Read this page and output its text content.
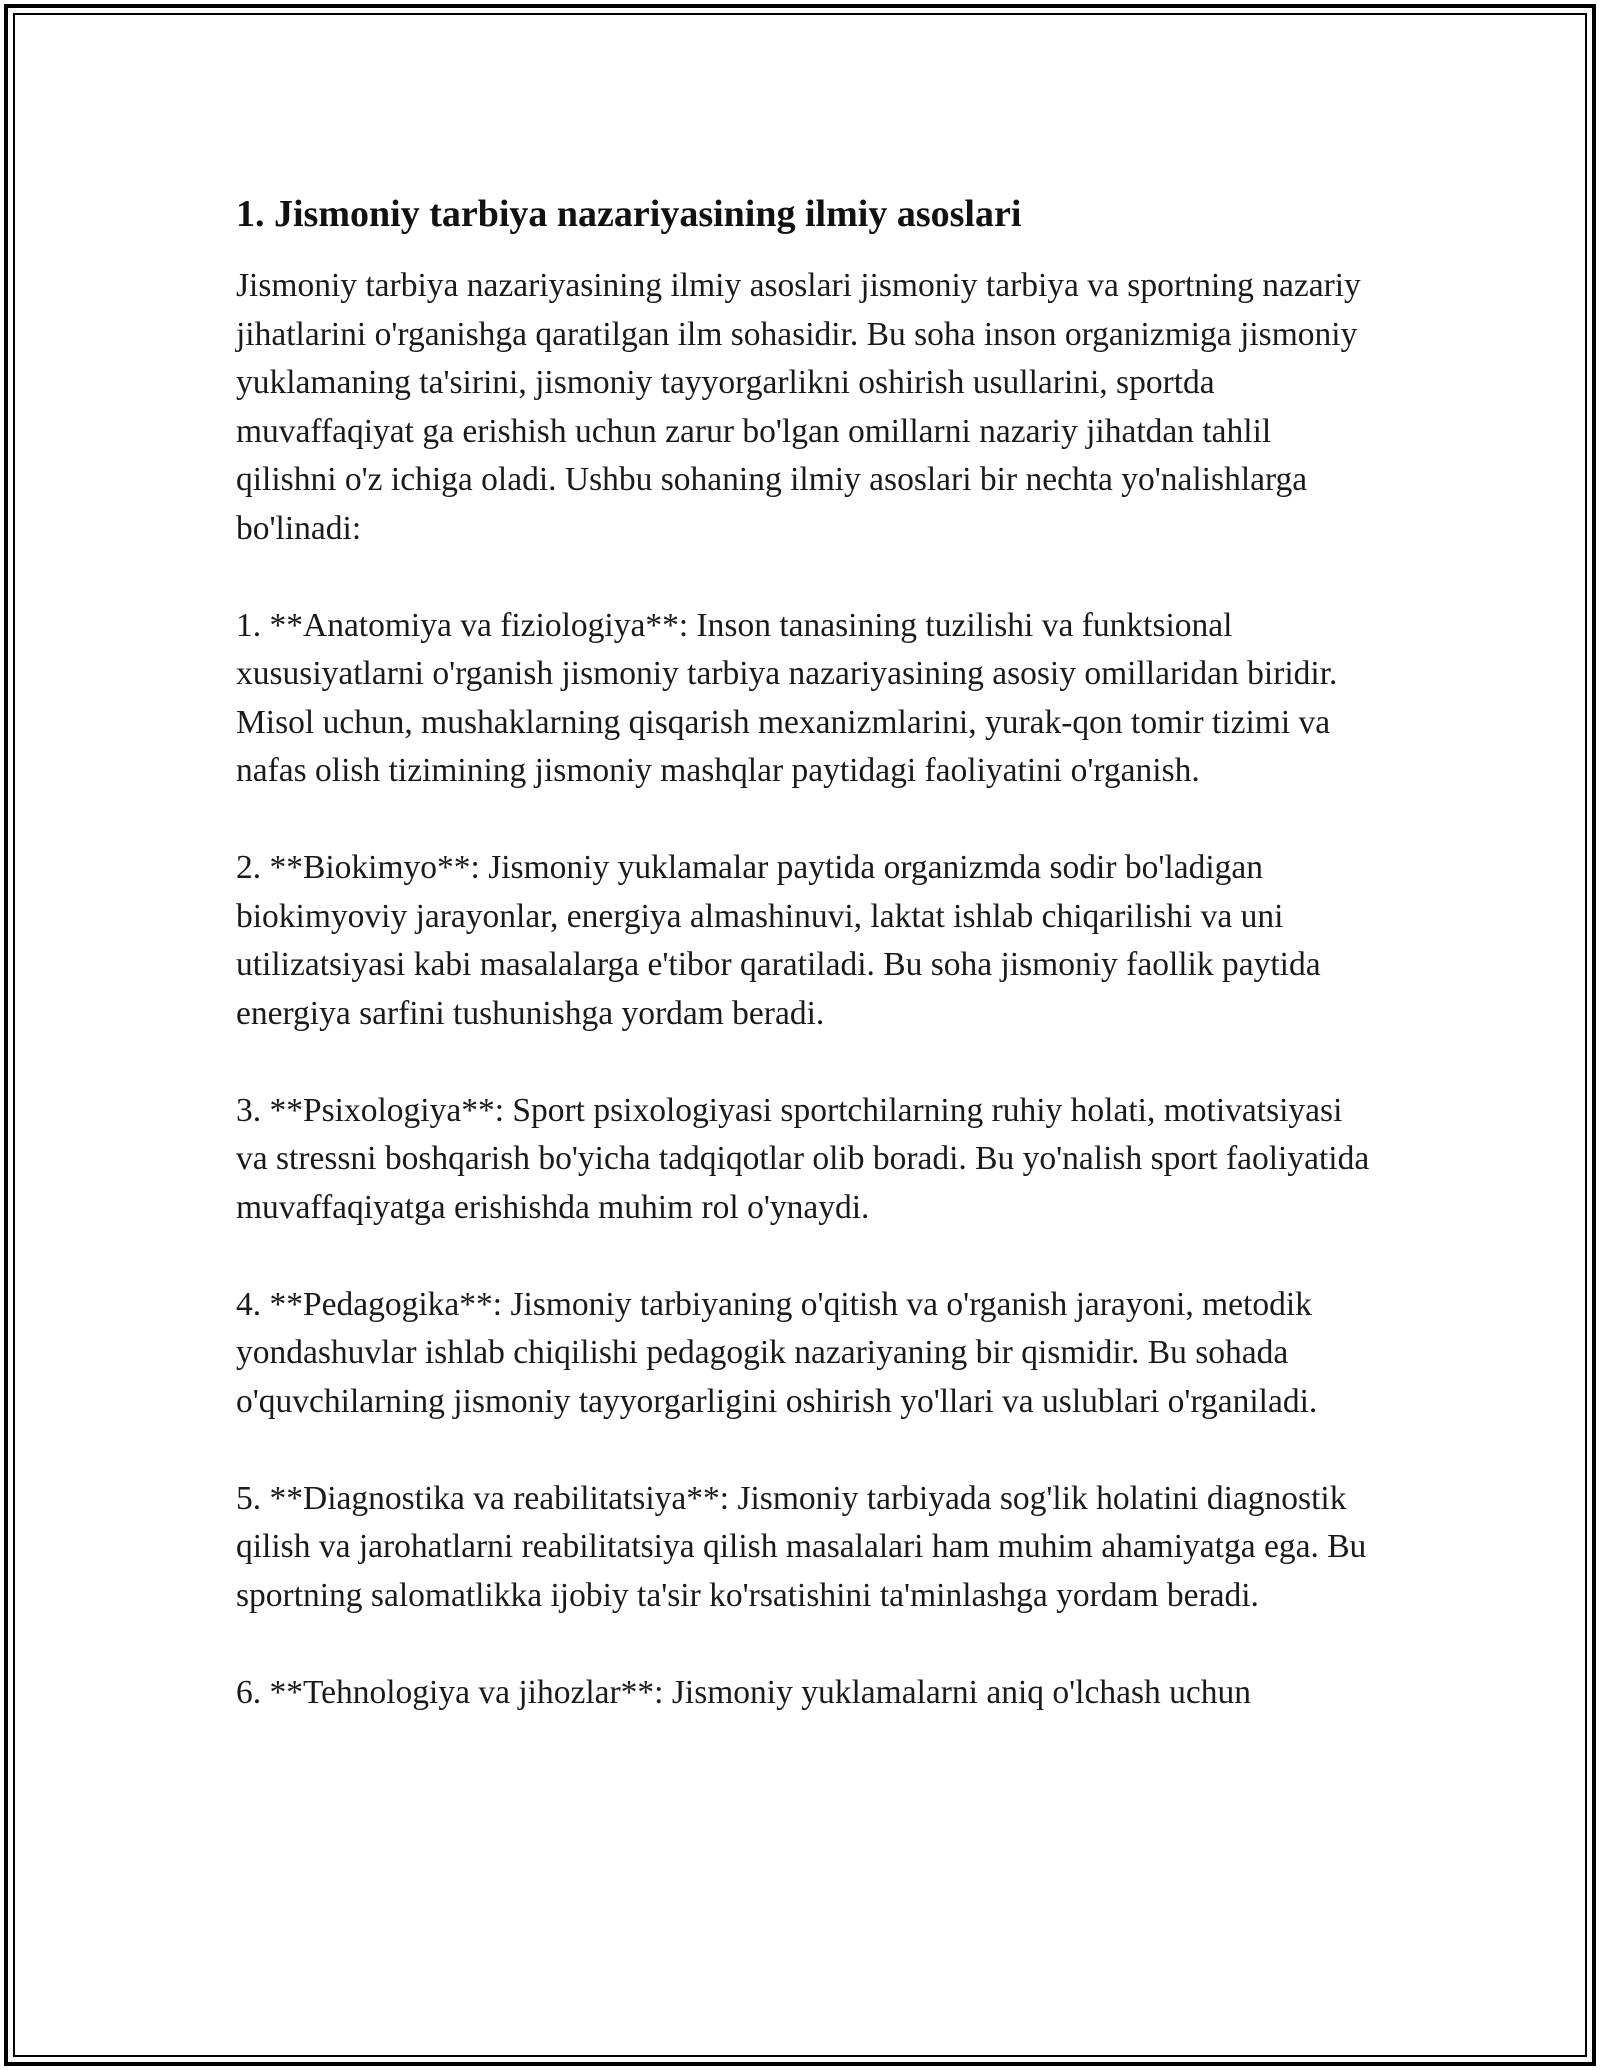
1. Jismoniy tarbiya nazariyasining ilmiy asoslari

Jismoniy tarbiya nazariyasining ilmiy asoslari jismoniy tarbiya va sportning nazariy jihatlarini o'rganishga qaratilgan ilm sohasidir. Bu soha inson organizmiga jismoniy yuklamaning ta'sirini, jismoniy tayyorgarlikni oshirish usullarini, sportda muvaffaqiyat ga erishish uchun zarur bo'lgan omillarni nazariy jihatdan tahlil qilishni o'z ichiga oladi. Ushbu sohaning ilmiy asoslari bir nechta yo'nalishlarga bo'linadi:

1. **Anatomiya va fiziologiya**: Inson tanasining tuzilishi va funktsional xususiyatlarni o'rganish jismoniy tarbiya nazariyasining asosiy omillaridan biridir. Misol uchun, mushaklarning qisqarish mexanizmlarini, yurak-qon tomir tizimi va nafas olish tizimining jismoniy mashqlar paytidagi faoliyatini o'rganish.

2. **Biokimyo**: Jismoniy yuklamalar paytida organizmda sodir bo'ladigan biokimyoviy jarayonlar, energiya almashinuvi, laktat ishlab chiqarilishi va uni utilizatsiyasi kabi masalalarga e'tibor qaratiladi. Bu soha jismoniy faollik paytida energiya sarfini tushunishga yordam beradi.

3. **Psixologiya**: Sport psixologiyasi sportchilarning ruhiy holati, motivatsiyasi va stressni boshqarish bo'yicha tadqiqotlar olib boradi. Bu yo'nalish sport faoliyatida muvaffaqiyatga erishishda muhim rol o'ynaydi.

4. **Pedagogika**: Jismoniy tarbiyaning o'qitish va o'rganish jarayoni, metodik yondashuvlar ishlab chiqilishi pedagogik nazariyaning bir qismidir. Bu sohada o'quvchilarning jismoniy tayyorgarligini oshirish yo'llari va uslublari o'rganiladi.

5. **Diagnostika va reabilitatsiya**: Jismoniy tarbiyada sog'lik holatini diagnostik qilish va jarohatlarni reabilitatsiya qilish masalalari ham muhim ahamiyatga ega. Bu sportning salomatlikka ijobiy ta'sir ko'rsatishini ta'minlashga yordam beradi.

6. **Tehnologiya va jihozlar**: Jismoniy yuklamalarni aniq o'lchash uchun
